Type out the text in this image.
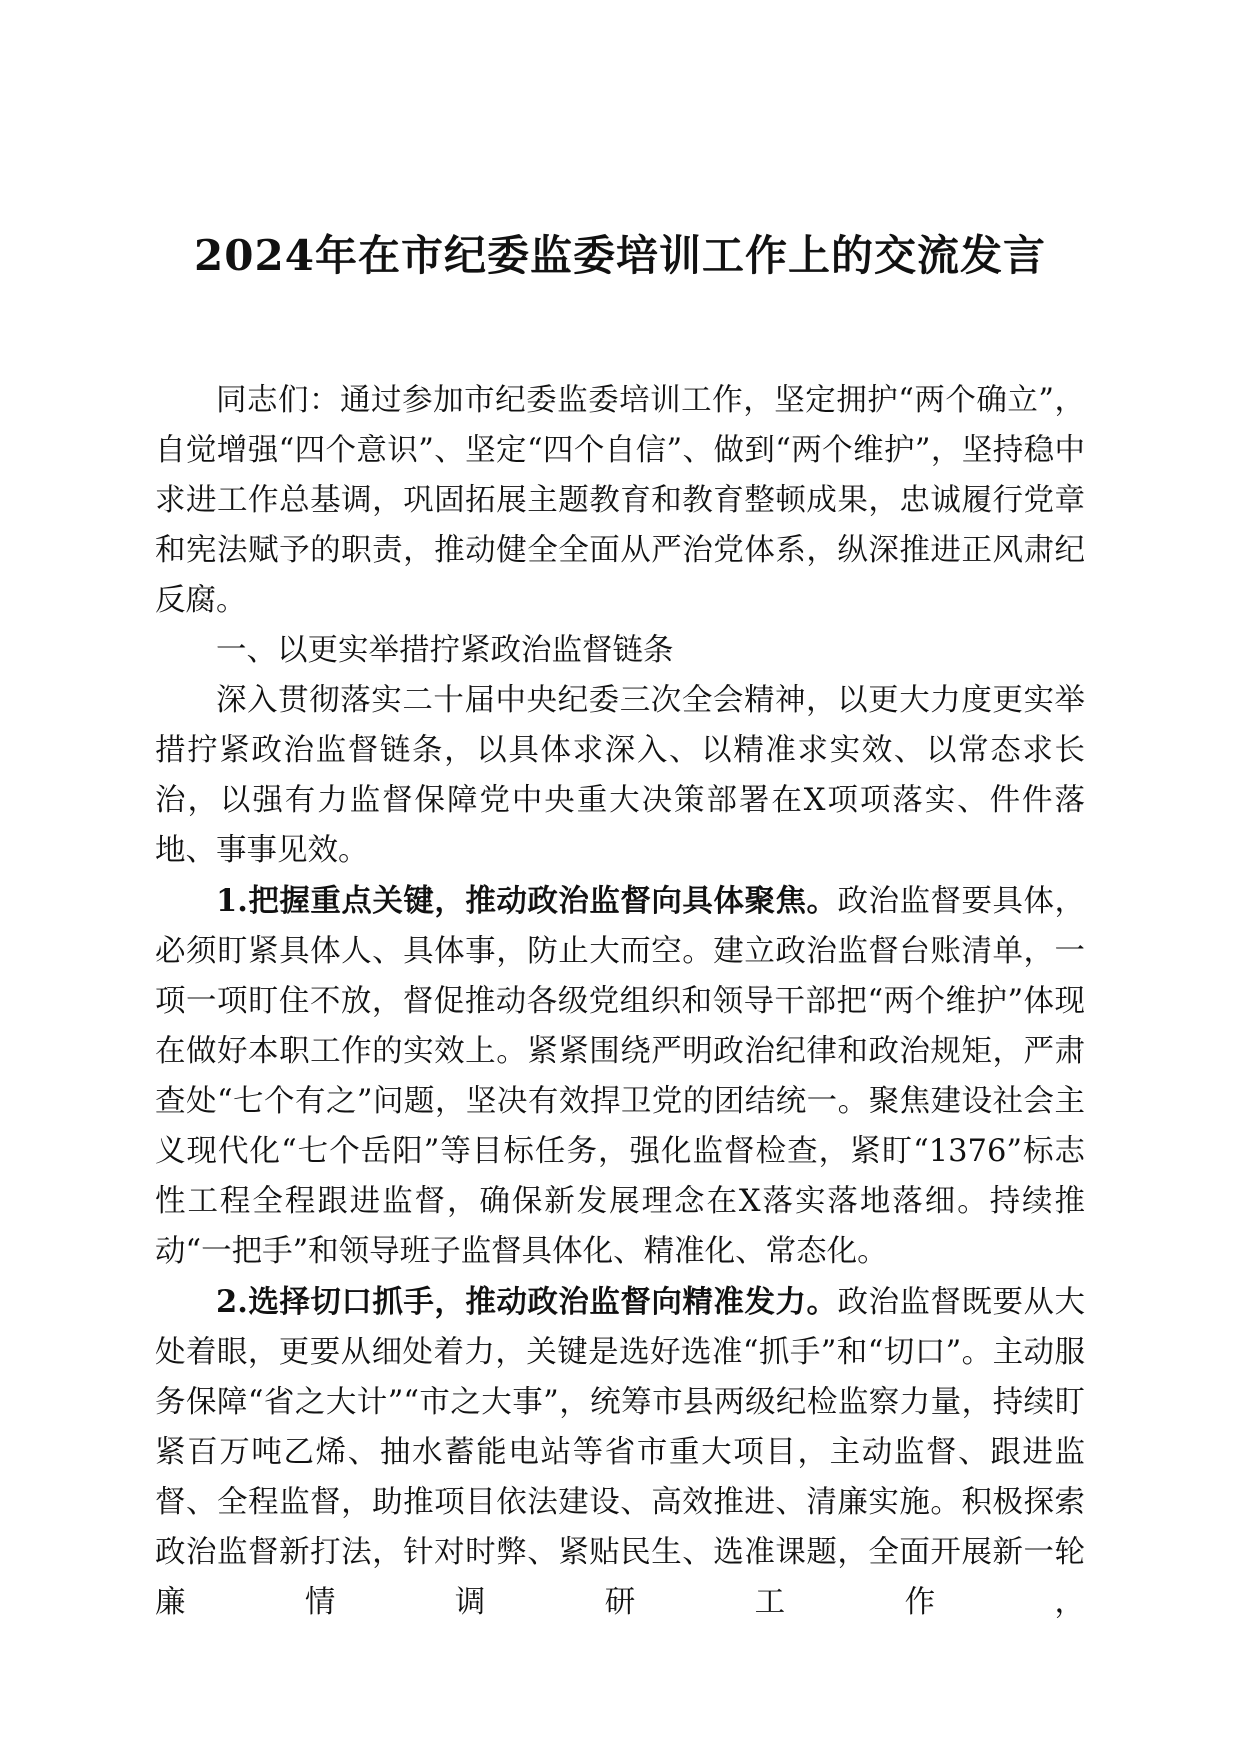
2024年在市纪委监委培训工作上的交流发言

同志们：通过参加市纪委监委培训工作，坚定拥护“两个确立”，自觉增强“四个意识”、坚定“四个自信”、做到“两个维护”，坚持稳中求进工作总基调，巩固拓展主题教育和教育整顿成果，忠诚履行党章和宪法赋予的职责，推动健全全面从严治党体系，纵深推进正风肃纪反腐。

一、以更实举措拧紧政治监督链条

深入贯彻落实二十届中央纪委三次全会精神，以更大力度更实举措拧紧政治监督链条，以具体求深入、以精准求实效、以常态求长治，以强有力监督保障党中央重大决策部署在X项项落实、件件落地、事事见效。

1.把握重点关键，推动政治监督向具体聚焦。政治监督要具体，必须盯紧具体人、具体事，防止大而空。建立政治监督台账清单，一项一项盯住不放，督促推动各级党组织和领导干部把“两个维护”体现在做好本职工作的实效上。紧紧围绕严明政治纪律和政治规矩，严肃查处“七个有之”问题，坚决有效捍卫党的团结统一。聚焦建设社会主义现代化“七个岳阳”等目标任务，强化监督检查，紧盯“1376”标志性工程全程跟进监督，确保新发展理念在X落实落地落细。持续推动“一把手”和领导班子监督具体化、精准化、常态化。

2.选择切口抓手，推动政治监督向精准发力。政治监督既要从大处着眼，更要从细处着力，关键是选好选准“抓手”和“切口”。主动服务保障“省之大计”“市之大事”，统筹市县两级纪检监察力量，持续盯紧百万吨乙烯、抽水蓄能电站等省市重大项目，主动监督、跟进监督、全程监督，助推项目依法建设、高效推进、清廉实施。积极探索政治监督新打法，针对时弊、紧贴民生、选准课题，全面开展新一轮廉情调研工作，
